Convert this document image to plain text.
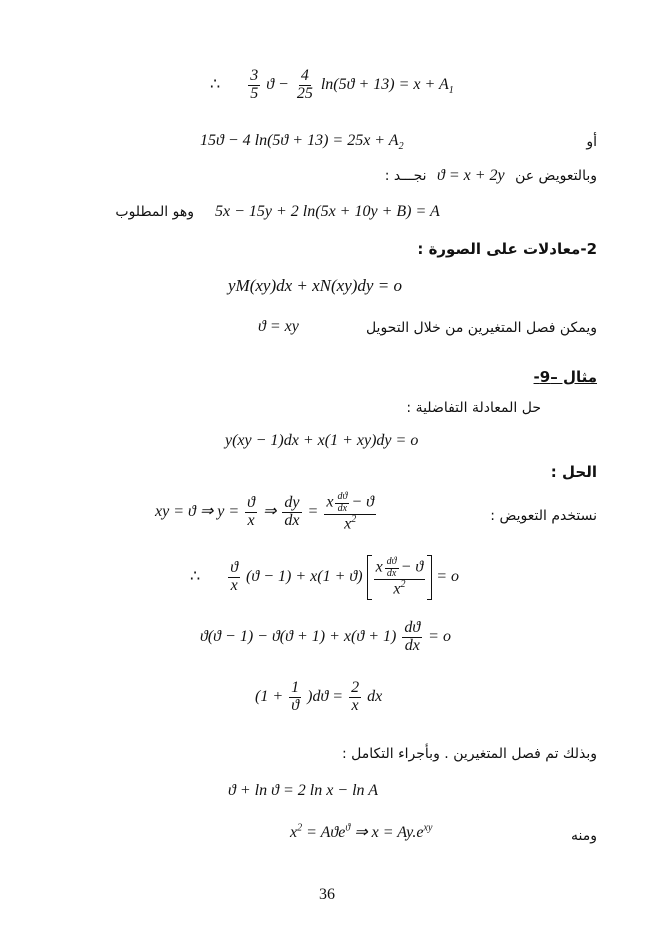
∴ $\frac{3}{5}$ $ϑ - \frac{4}{25} \ln(5ϑ + 13) = x + A_1$
15ϑ − 4 $\ln(5ϑ + 13) = 25x + A_2$	أو
وبالتعويض عن ϑ = x + 2y نجـــد :
5x − 15y + 2 ln(5x + 10y + B) = A
وهو المطلوب
2-معادلات على الصورة :
yM(xy)dx + xN(xy)dy = o
ويمكن فصل المتغيرين من خلال التحويل
ϑ = xy
مثال –9-
حل المعادلة التفاضلية :
y(xy − 1)dx + x(1 + xy)dy = o
الحل :
نستخدم التعويض :
xy = ϑ ⇒ $y = \frac{ϑ}{x}$ ⇒ $\frac{dy}{dx} = \frac{x \frac{dϑ}{dx} - ϑ}{x^2}$
∴ $\frac{ϑ}{x} (ϑ - 1) + x(1 + ϑ) \frac{x \frac{dϑ}{dx} - ϑ}{x^2} = o$
$ϑ(ϑ - 1) - ϑ(ϑ + 1) + x(ϑ + 1) \frac{dϑ}{dx} = o$
$(1 + \frac{1}{ϑ} )dϑ = \frac{2}{x}$ dx
وبذلك تم فصل المتغيرين . وبأجراء التكامل :
ϑ + ln ϑ = 2 ln x − ln A
ومنه
$x^2 = Aϑe^ϑ$ ⇒ $x = Ay.e^{xy}$
36
